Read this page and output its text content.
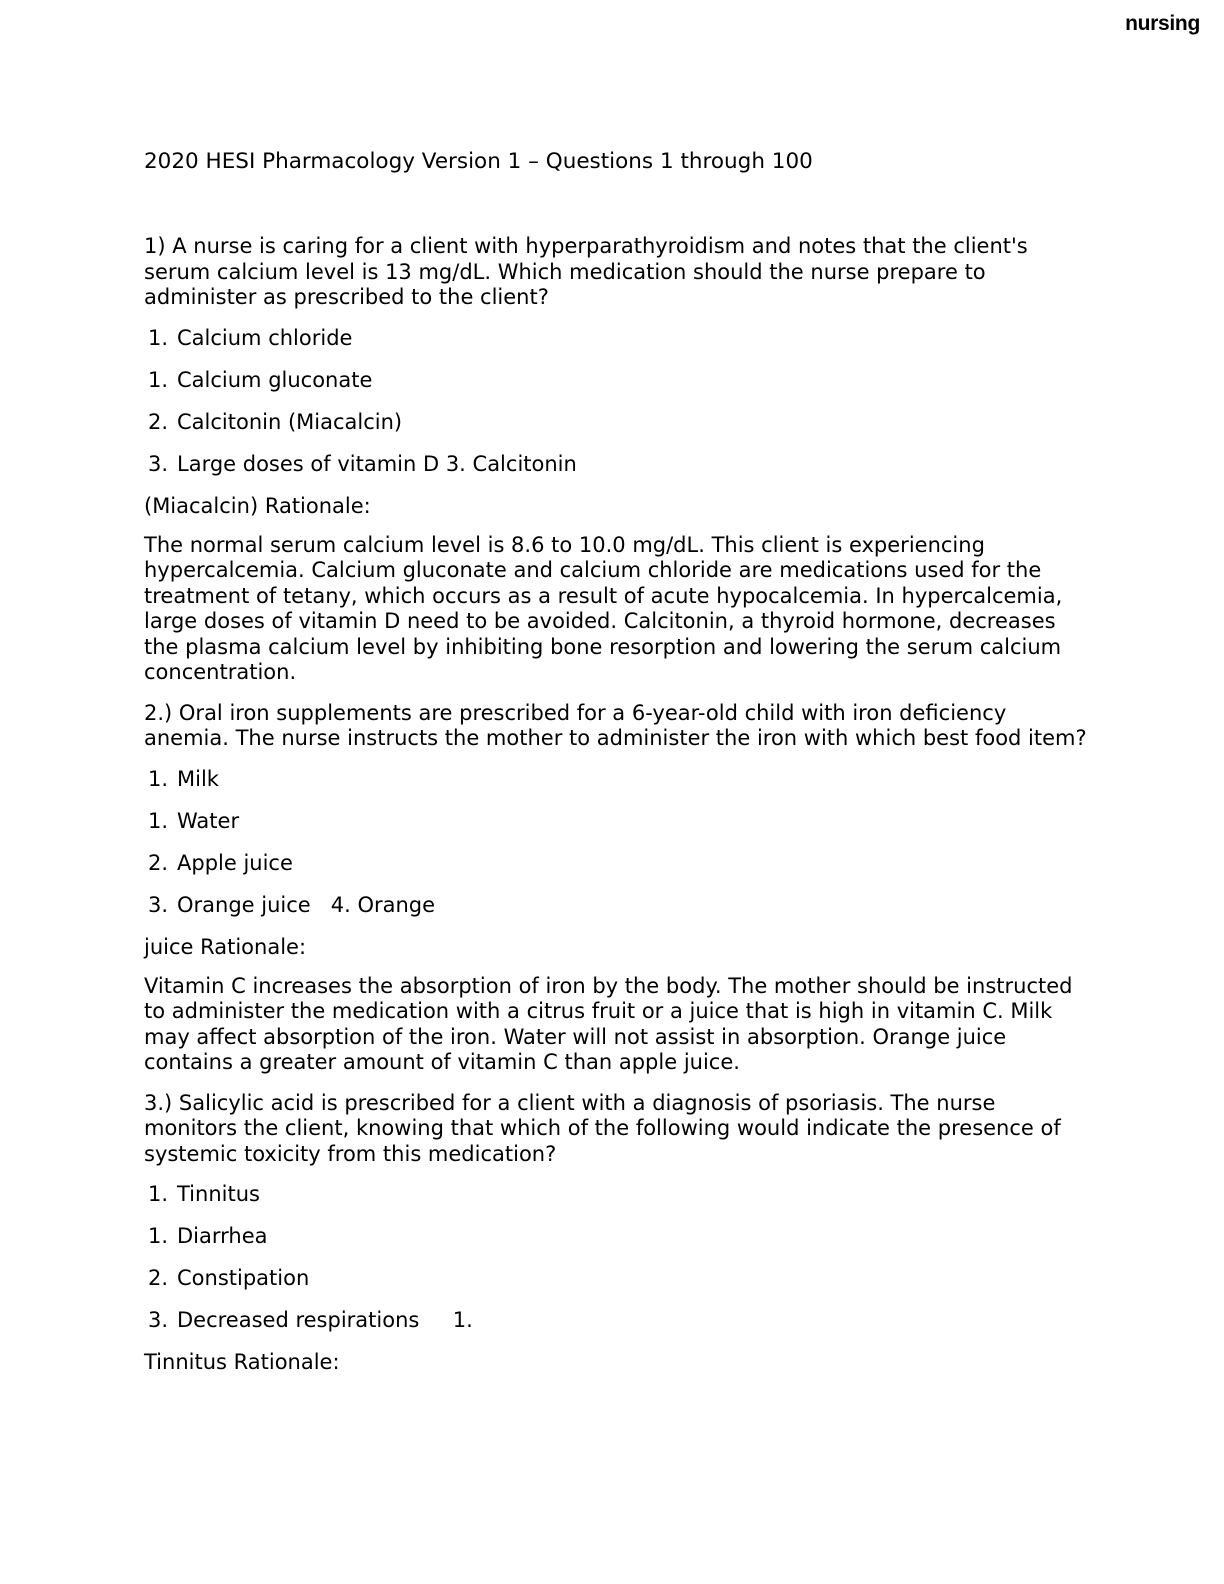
nursing
2020 HESI Pharmacology Version 1 – Questions 1 through 100

1) A nurse is caring for a client with hyperparathyroidism and notes that the client's serum calcium level is 13 mg/dL. Which medication should the nurse prepare to administer as prescribed to the client?

1. Calcium chloride
1. Calcium gluconate
2. Calcitonin (Miacalcin)
3. Large doses of vitamin D 3. Calcitonin

(Miacalcin) Rationale:

The normal serum calcium level is 8.6 to 10.0 mg/dL. This client is experiencing hypercalcemia. Calcium gluconate and calcium chloride are medications used for the treatment of tetany, which occurs as a result of acute hypocalcemia. In hypercalcemia, large doses of vitamin D need to be avoided. Calcitonin, a thyroid hormone, decreases the plasma calcium level by inhibiting bone resorption and lowering the serum calcium concentration.

2.) Oral iron supplements are prescribed for a 6-year-old child with iron deficiency anemia. The nurse instructs the mother to administer the iron with which best food item?

1. Milk
1. Water
2. Apple juice
3. Orange juice   4. Orange

juice Rationale:

Vitamin C increases the absorption of iron by the body. The mother should be instructed to administer the medication with a citrus fruit or a juice that is high in vitamin C. Milk may affect absorption of the iron. Water will not assist in absorption. Orange juice contains a greater amount of vitamin C than apple juice.

3.) Salicylic acid is prescribed for a client with a diagnosis of psoriasis. The nurse monitors the client, knowing that which of the following would indicate the presence of systemic toxicity from this medication?

1. Tinnitus
1. Diarrhea
2. Constipation
3. Decreased respirations     1.

Tinnitus Rationale:
